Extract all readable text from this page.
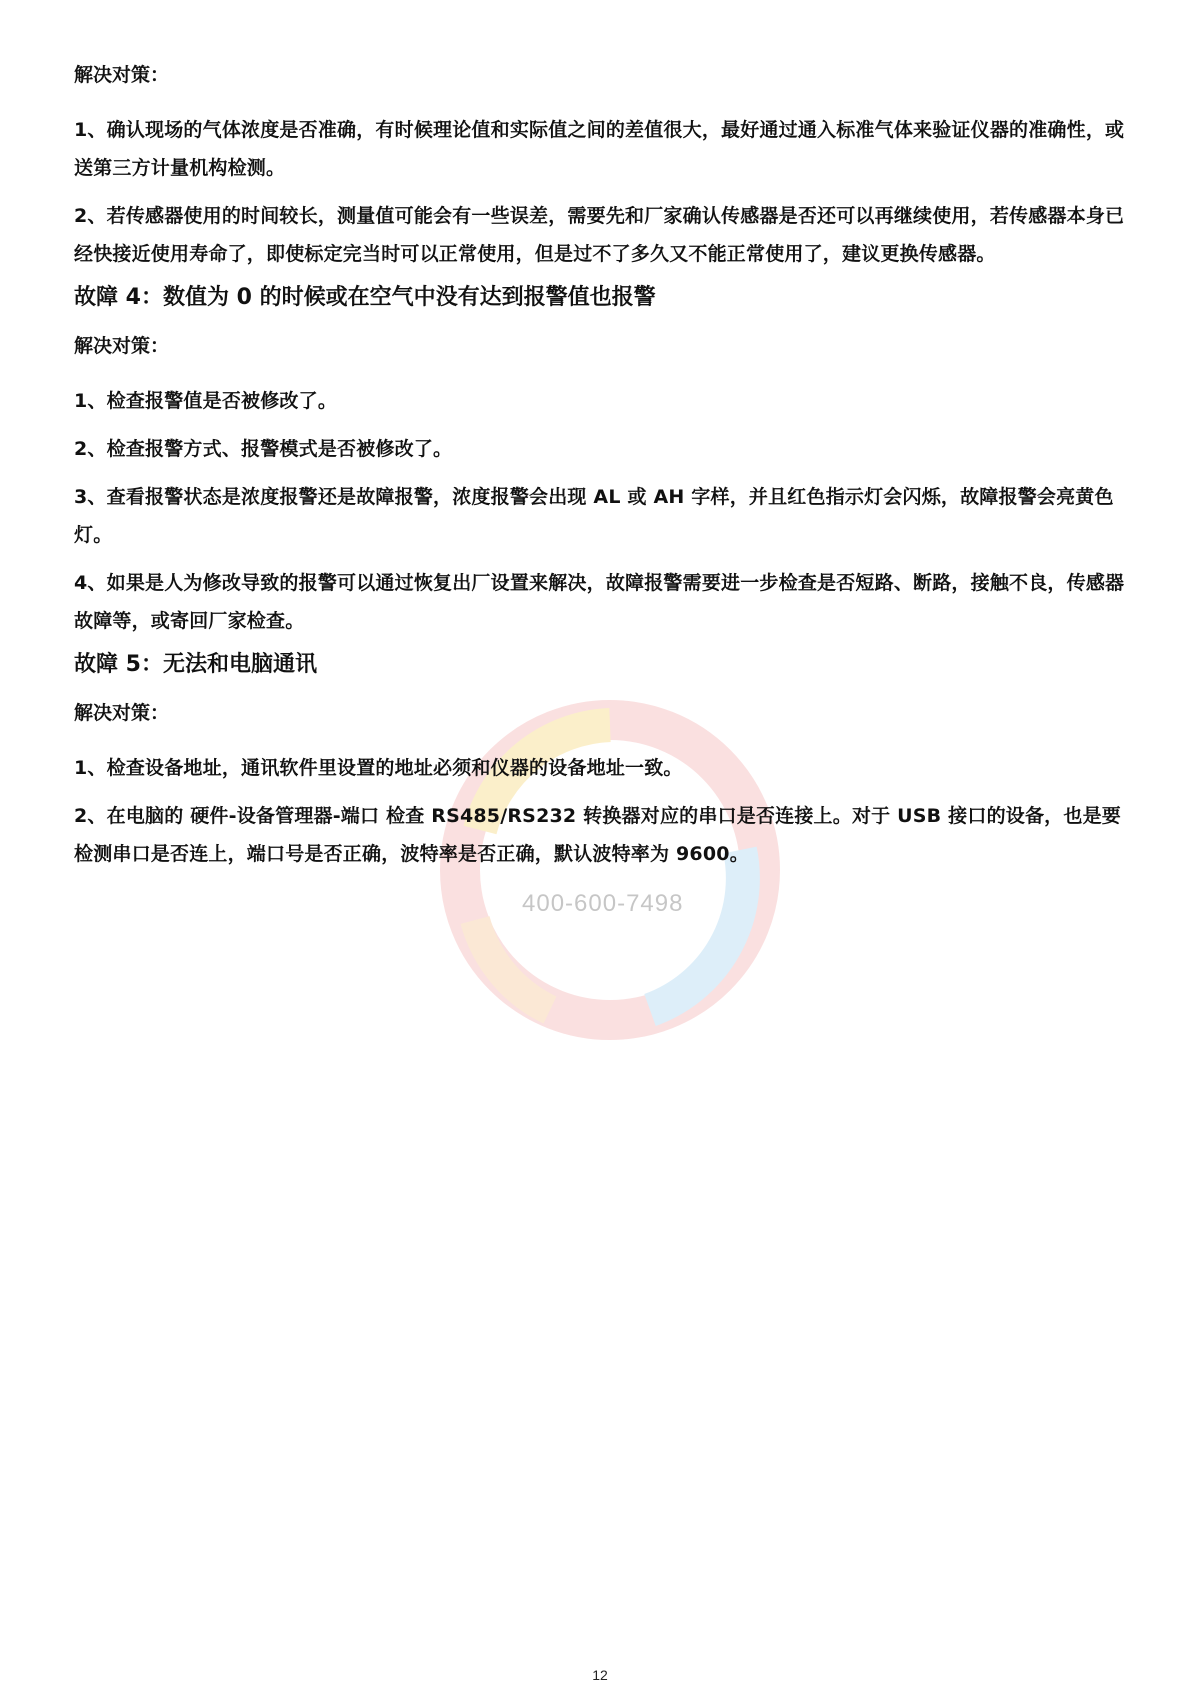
400-600-7498
解决对策：
1、确认现场的气体浓度是否准确，有时候理论值和实际值之间的差值很大，最好通过通入标准气体来验证仪器的准确性，或送第三方计量机构检测。
2、若传感器使用的时间较长，测量值可能会有一些误差，需要先和厂家确认传感器是否还可以再继续使用，若传感器本身已经快接近使用寿命了，即使标定完当时可以正常使用，但是过不了多久又不能正常使用了，建议更换传感器。
故障 4：数值为 0 的时候或在空气中没有达到报警值也报警
解决对策：
1、检查报警值是否被修改了。
2、检查报警方式、报警模式是否被修改了。
3、查看报警状态是浓度报警还是故障报警，浓度报警会出现 AL 或 AH 字样，并且红色指示灯会闪烁，故障报警会亮黄色灯。
4、如果是人为修改导致的报警可以通过恢复出厂设置来解决，故障报警需要进一步检查是否短路、断路，接触不良，传感器故障等，或寄回厂家检查。
故障 5：无法和电脑通讯
解决对策：
1、检查设备地址，通讯软件里设置的地址必须和仪器的设备地址一致。
2、在电脑的 硬件-设备管理器-端口 检查 RS485/RS232 转换器对应的串口是否连接上。对于 USB 接口的设备，也是要检测串口是否连上，端口号是否正确，波特率是否正确，默认波特率为 9600。
12
